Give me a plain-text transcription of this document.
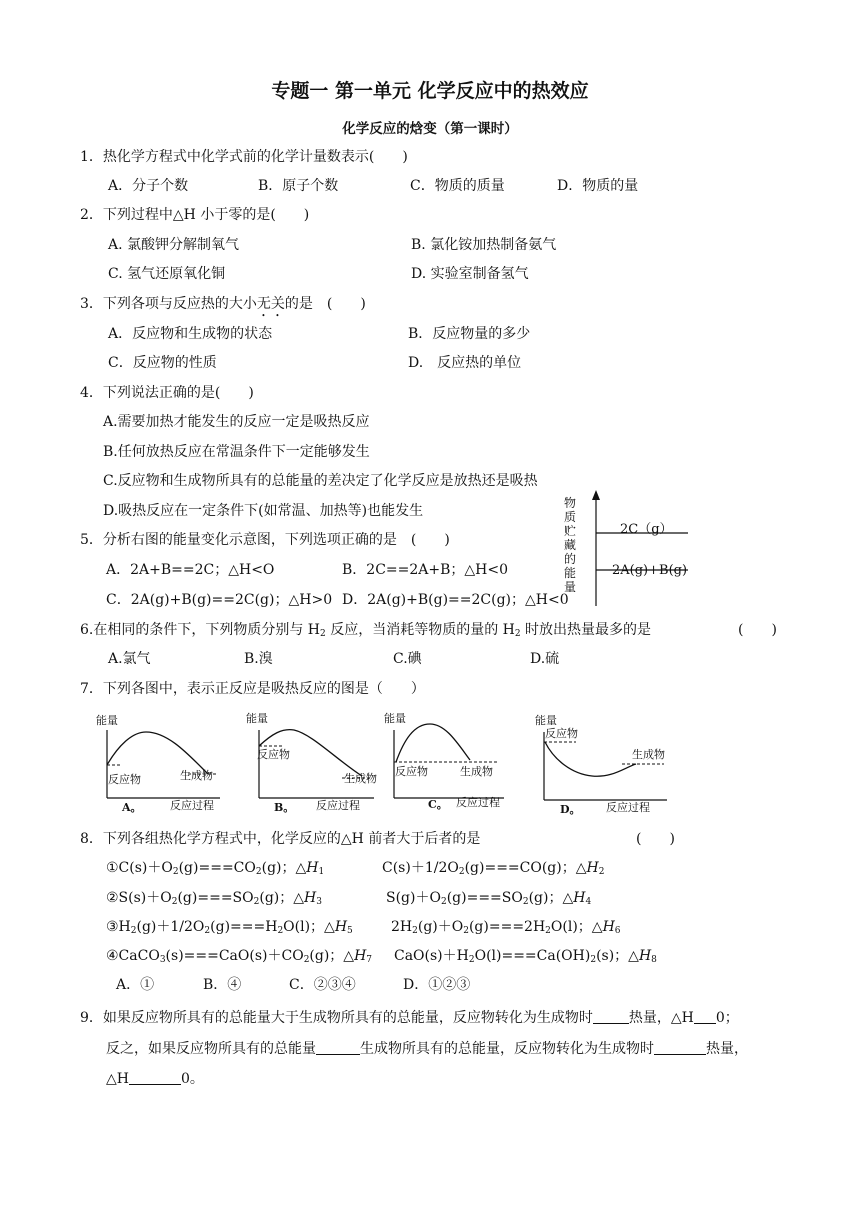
专题一 第一单元 化学反应中的热效应
化学反应的焓变（第一课时）
1．热化学方程式中化学式前的化学计量数表示(　　)
A．分子个数	B．原子个数	C．物质的质量	D．物质的量
2．下列过程中△H 小于零的是(　　)
A. 氯酸钾分解制氧气	B. 氯化铵加热制备氨气
C. 氢气还原氧化铜	D. 实验室制备氢气
3．下列各项与反应热的大小无关的是　(　　)
A．反应物和生成物的状态	B．反应物量的多少
C．反应物的性质	D.　反应热的单位
4．下列说法正确的是(　　)
A.需要加热才能发生的反应一定是吸热反应
B.任何放热反应在常温条件下一定能够发生
C.反应物和生成物所具有的总能量的差决定了化学反应是放热还是吸热
D.吸热反应在一定条件下(如常温、加热等)也能发生
5．分析右图的能量变化示意图，下列选项正确的是　(　　)
A．2A+B==2C；△H<O	B．2C==2A+B；△H<0
C．2A(g)+B(g)==2C(g)；△H>0 D．2A(g)+B(g)==2C(g)；△H<0
物质贮藏的能量
2C（g）
2A(g)+B(g)
6.在相同的条件下，下列物质分别与 $H_2$ 反应，当消耗等物质的量的 $H_2$ 时放出热量最多的是	(　　)
A.氯气	B.溴	C.碘	D.硫
7．下列各图中，表示正反应是吸热反应的图是（　　）
能量
反应物	生成物
A。	反应过程
能量
反应物
生成物
B。 反应过程
能量
反应物	生成物
C。 反应过程
能量
反应物
生成物
D。 反应过程
8．下列各组热化学方程式中，化学反应的△H 前者大于后者的是	(　　)
$①C(s)+O_2(g)===CO_2(g)$；$\triangle H_1$	$C(s)+1/2O_2(g)===CO(g)$；$\triangle H_2$
$②S(s)+O_2(g)===SO_2(g)$；$\triangle H_3$	$S(g)+O_2(g)===SO_2(g)$；$\triangle H_4$
$③H_2(g)+1/2O_2(g)===H_2O(l)$；$\triangle H_5$	$2H_2(g)+O_2(g)===2H_2O(l)$；$\triangle H_6$
$④CaCO_3(s)===CaO(s)+CO_2(g)$；$\triangle H_7$ $CaO(s)+H_2O(l)===Ca(OH)_2(s)$；$\triangle H_8$
A．①	B．④	C．②③④	D．①②③
9．如果反应物所具有的总能量大于生成物所具有的总能量，反应物转化为生成物时	热量，△H 0；
反之，如果反应物所具有的总能量	生成物所具有的总能量，反应物转化为生成物时	热量，
△H	0。
